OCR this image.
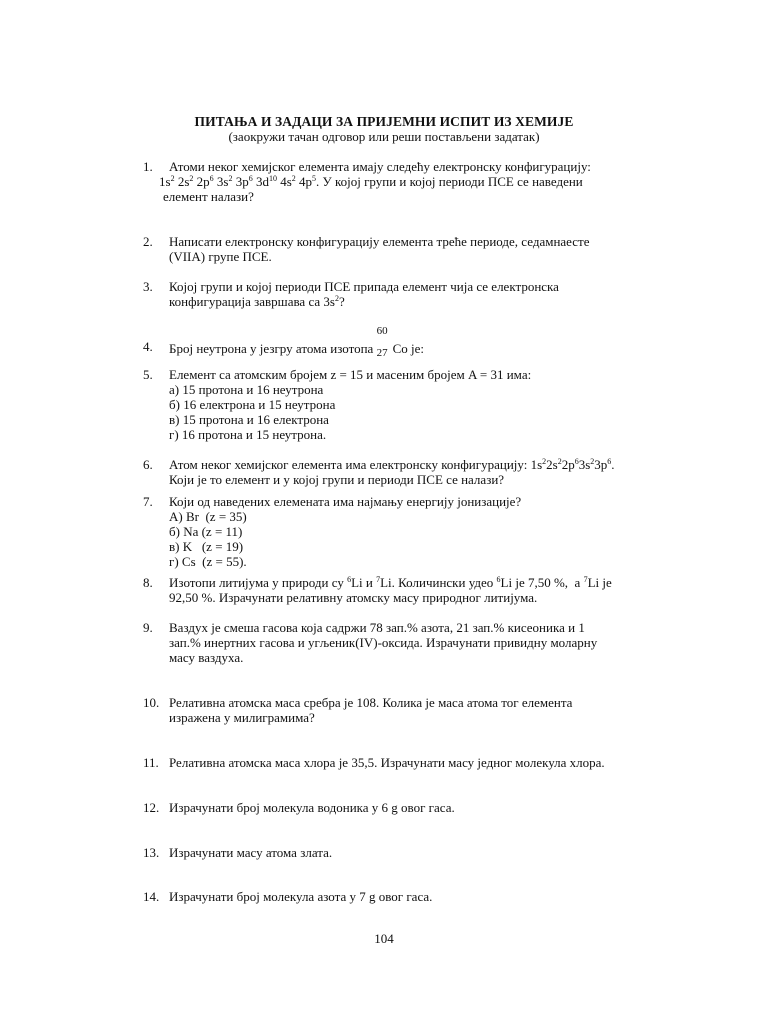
ПИТАЊА И ЗАДАЦИ ЗА ПРИЈЕМНИ ИСПИТ ИЗ ХЕМИЈЕ
(заокружи тачан одговор или реши постављени задатак)
1. Атоми неког хемијског елемента имају следећу електронску конфигурацију:
$1s^2$ $2s^2$ $2p^6$ $3s^2$ $3p^6$ $3d^{10}$ $4s^2$ $4p^5$. У којој групи и којој периоди ПСЕ се наведени
елемент налази?
2. Написати електронску конфигурацију елемента треће периоде, седамнаесте
(VIIA) групе ПСЕ.
3. Којој групи и којој периоди ПСЕ припада елемент чија се електронска
конфигурација завршава са $3s^2$?
4. Број неутрона у језгру атома изотопа
60
27 Co је:
5. Елемент са атомским бројем z = 15 и масеним бројем A = 31 има:
а) 15 протона и 16 неутрона
б) 16 електрона и 15 неутрона
в) 15 протона и 16 електрона
г) 16 протона и 15 неутрона.
6. Атом неког хемијског елемента има електронску конфигурацију: $1s^22s^22p^63s^23p^6$.
Који је то елемент и у којој групи и периоди ПСЕ се налази?
7. Који од наведених елемената има најмању енергију јонизације?
А) Br  (z = 35)
б) Na (z = 11)
в) K   (z = 19)
г) Cs  (z = 55).
8. Изотопи литијума у природи су $^6$Li и $^7$Li. Количински удео $^6$Li је 7,50 %,  а $^7$Li је
92,50 %. Израчунати релативну атомску масу природног литијума.
9. Ваздух је смеша гасова која садржи 78 зап.% азота, 21 зап.% кисеоника и 1
зап.% инертних гасова и угљеник(IV)-оксида. Израчунати привидну моларну
масу ваздуха.
10. Релативна атомска маса сребра је 108. Колика је маса атома тог елемента
изражена у милиграмима?
11. Релативна атомска маса хлора је 35,5. Израчунати масу једног молекула хлора.
12. Израчунати број молекула водоника у 6 g овог гаса.
13. Израчунати масу атома злата.
14. Израчунати број молекула азота у 7 g овог гаса.
104
